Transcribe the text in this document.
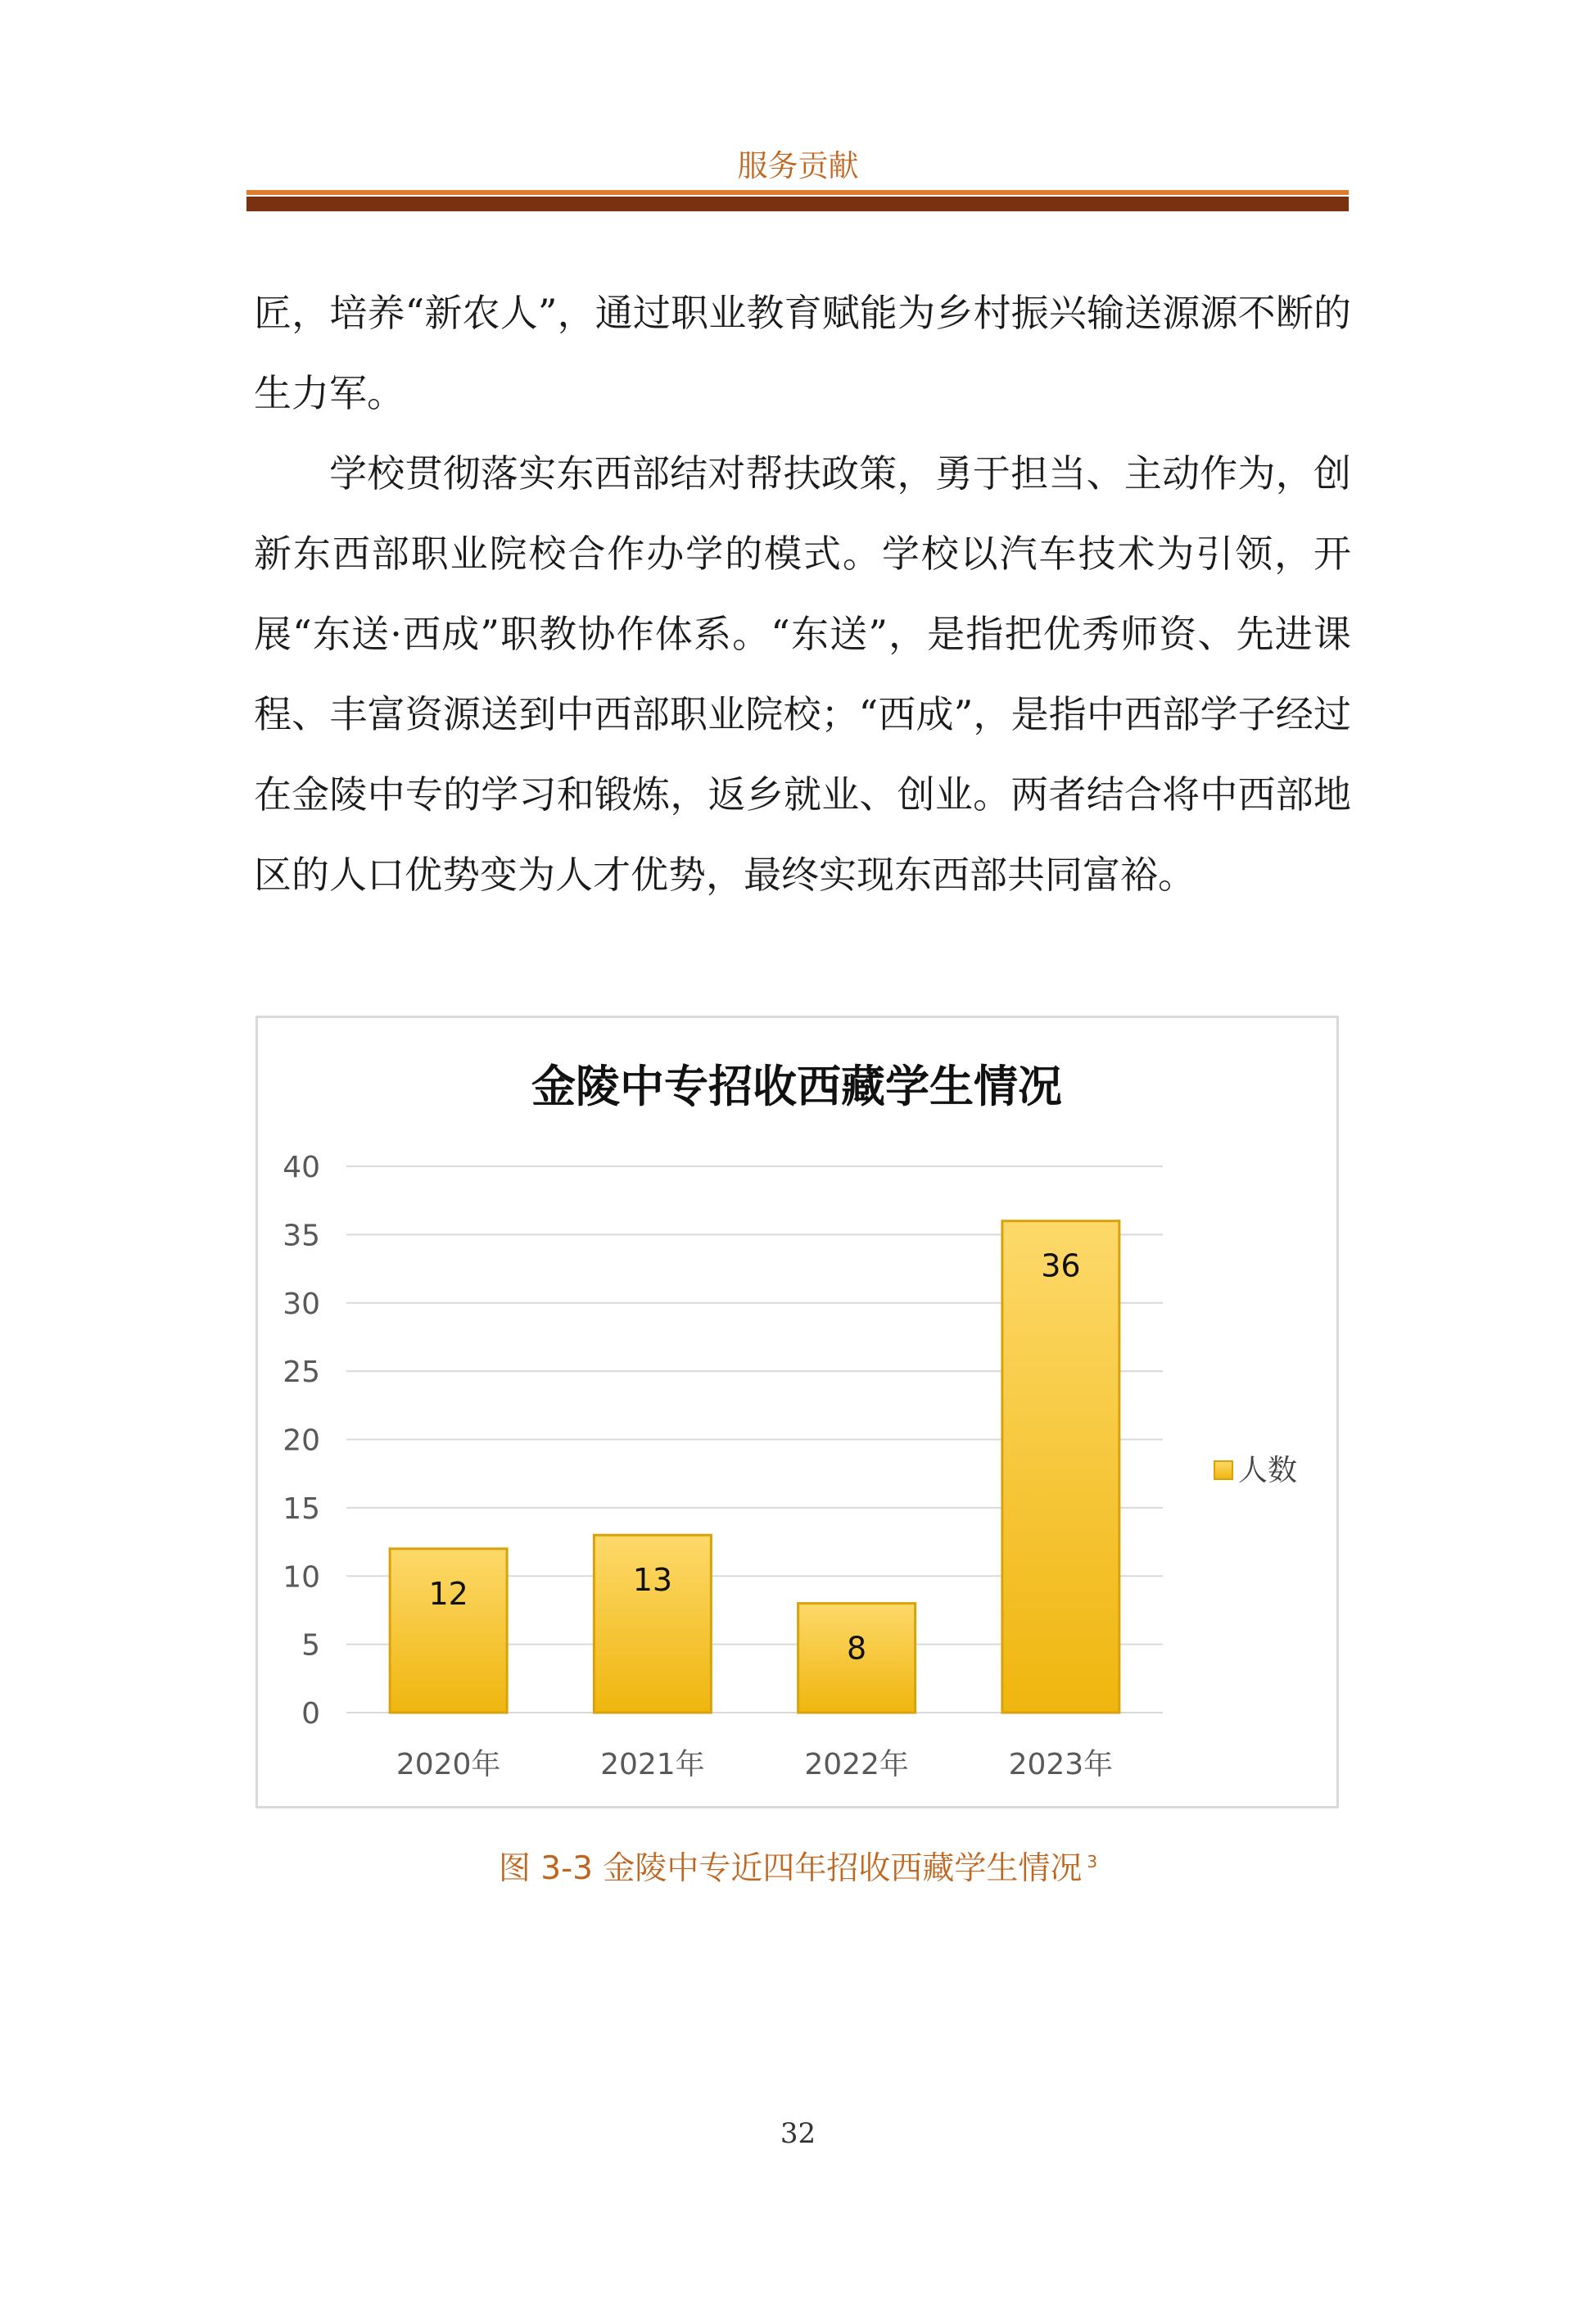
服务贡献

匠，培养“新农人”，通过职业教育赋能为乡村振兴输送源源不断的生力军。

学校贯彻落实东西部结对帮扶政策，勇于担当、主动作为，创新东西部职业院校合作办学的模式。学校以汽车技术为引领，开展“东送·西成”职教协作体系。“东送”，是指把优秀师资、先进课程、丰富资源送到中西部职业院校；“西成”，是指中西部学子经过在金陵中专的学习和锻炼，返乡就业、创业。两者结合将中西部地区的人口优势变为人才优势，最终实现东西部共同富裕。

金陵中专招收西藏学生情况
0
5
10
15
20
25
30
35
40
12
2020年
13
2021年
8
2022年
36
2023年
人数
图 3-3 金陵中专近四年招收西藏学生情况 $^3$
32
